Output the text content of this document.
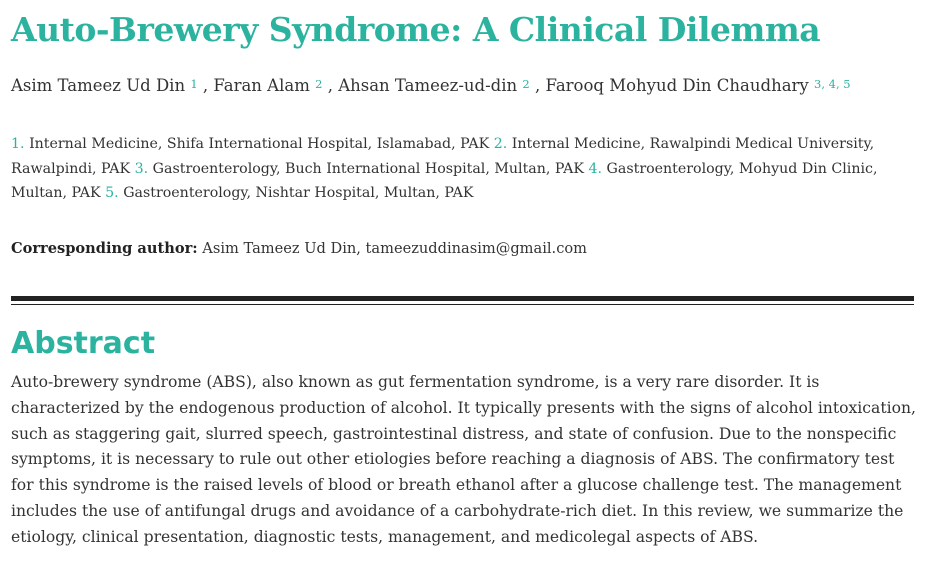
Auto-Brewery Syndrome: A Clinical Dilemma
Asim Tameez Ud Din $^1$ , Faran Alam $^2$ , Ahsan Tameez-ud-din $^2$ , Farooq Mohyud Din Chaudhary $^{3, 4, 5}$
1. Internal Medicine, Shifa International Hospital, Islamabad, PAK 2. Internal Medicine, Rawalpindi Medical University, Rawalpindi, PAK 3. Gastroenterology, Buch International Hospital, Multan, PAK 4. Gastroenterology, Mohyud Din Clinic, Multan, PAK 5. Gastroenterology, Nishtar Hospital, Multan, PAK
Corresponding author: Asim Tameez Ud Din, tameezuddinasim@gmail.com
Abstract

Auto-brewery syndrome (ABS), also known as gut fermentation syndrome, is a very rare disorder. It is characterized by the endogenous production of alcohol. It typically presents with the signs of alcohol intoxication, such as staggering gait, slurred speech, gastrointestinal distress, and state of confusion. Due to the nonspecific symptoms, it is necessary to rule out other etiologies before reaching a diagnosis of ABS. The confirmatory test for this syndrome is the raised levels of blood or breath ethanol after a glucose challenge test. The management includes the use of antifungal drugs and avoidance of a carbohydrate-rich diet. In this review, we summarize the etiology, clinical presentation, diagnostic tests, management, and medicolegal aspects of ABS.
